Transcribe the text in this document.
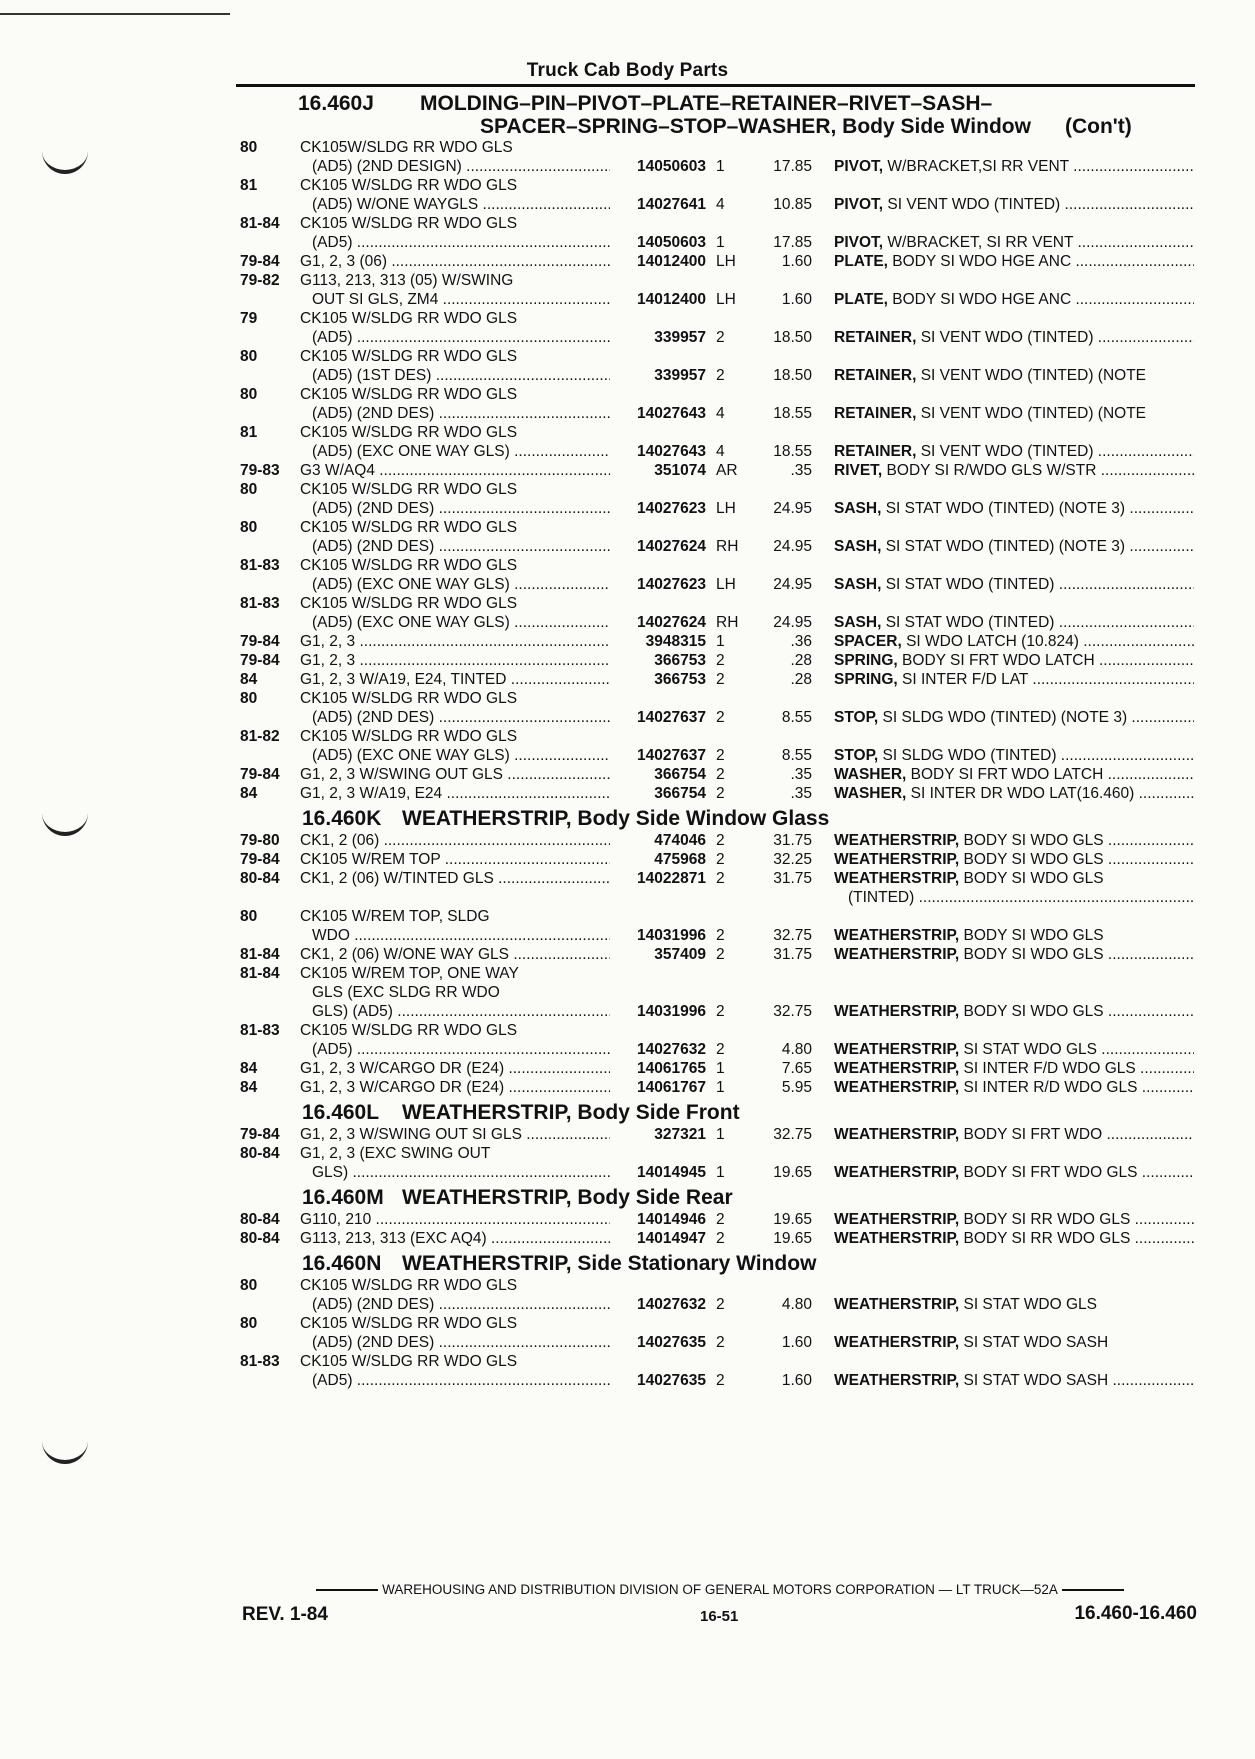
Truck Cab Body Parts
16.460J MOLDING–PIN–PIVOT–PLATE–RETAINER–RIVET–SASH–
SPACER–SPRING–STOP–WASHER, Body Side Window (Con't)
80	CK105W/SLDG RR WDO GLS
(AD5) (2ND DESIGN) .....	14050603 1	17.85	PIVOT, W/BRACKET,SI RR VENT .....
81	CK105 W/SLDG RR WDO GLS
(AD5) W/ONE WAYGLS .....	14027641 4	10.85	PIVOT, SI VENT WDO (TINTED) .....
81-84	CK105 W/SLDG RR WDO GLS
(AD5) .....	14050603 1	17.85	PIVOT, W/BRACKET, SI RR VENT .....
79-84	G1, 2, 3 (06) .....	14012400 LH	1.60	PLATE, BODY SI WDO HGE ANC .....
79-82	G113, 213, 313 (05) W/SWING
OUT SI GLS, ZM4 .....	14012400 LH	1.60	PLATE, BODY SI WDO HGE ANC .....
79	CK105 W/SLDG RR WDO GLS
(AD5) .....	339957 2	18.50	RETAINER, SI VENT WDO (TINTED) .....
80	CK105 W/SLDG RR WDO GLS
(AD5) (1ST DES) .....	339957 2	18.50	RETAINER, SI VENT WDO (TINTED) (NOTE
80	CK105 W/SLDG RR WDO GLS
(AD5) (2ND DES) .....	14027643 4	18.55	RETAINER, SI VENT WDO (TINTED) (NOTE
81	CK105 W/SLDG RR WDO GLS
(AD5) (EXC ONE WAY GLS) .....	14027643 4	18.55	RETAINER, SI VENT WDO (TINTED) .....
79-83	G3 W/AQ4 .....	351074 AR	.35	RIVET, BODY SI R/WDO GLS W/STR .....
80	CK105 W/SLDG RR WDO GLS
(AD5) (2ND DES) .....	14027623 LH	24.95	SASH, SI STAT WDO (TINTED) (NOTE 3) .....
80	CK105 W/SLDG RR WDO GLS
(AD5) (2ND DES) .....	14027624 RH	24.95	SASH, SI STAT WDO (TINTED) (NOTE 3) .....
81-83	CK105 W/SLDG RR WDO GLS
(AD5) (EXC ONE WAY GLS) .....	14027623 LH	24.95	SASH, SI STAT WDO (TINTED) .....
81-83	CK105 W/SLDG RR WDO GLS
(AD5) (EXC ONE WAY GLS) .....	14027624 RH	24.95	SASH, SI STAT WDO (TINTED) .....
79-84	G1, 2, 3 .....	3948315 1	.36	SPACER, SI WDO LATCH (10.824) .....
79-84	G1, 2, 3 .....	366753 2	.28	SPRING, BODY SI FRT WDO LATCH .....
84	G1, 2, 3 W/A19, E24, TINTED .....	366753 2	.28	SPRING, SI INTER F/D LAT .....
80	CK105 W/SLDG RR WDO GLS
(AD5) (2ND DES) .....	14027637 2	8.55	STOP, SI SLDG WDO (TINTED) (NOTE 3) .....
81-82	CK105 W/SLDG RR WDO GLS
(AD5) (EXC ONE WAY GLS) .....	14027637 2	8.55	STOP, SI SLDG WDO (TINTED) .....
79-84	G1, 2, 3 W/SWING OUT GLS .....	366754 2	.35	WASHER, BODY SI FRT WDO LATCH .....
84	G1, 2, 3 W/A19, E24 .....	366754 2	.35	WASHER, SI INTER DR WDO LAT(16.460) .....
16.460K WEATHERSTRIP, Body Side Window Glass
79-80	CK1, 2 (06) .....	474046 2	31.75	WEATHERSTRIP, BODY SI WDO GLS .....
79-84	CK105 W/REM TOP .....	475968 2	32.25	WEATHERSTRIP, BODY SI WDO GLS .....
80-84	CK1, 2 (06) W/TINTED GLS .....	14022871 2	31.75	WEATHERSTRIP, BODY SI WDO GLS
(TINTED) .....
80	CK105 W/REM TOP, SLDG
WDO .....	14031996 2	32.75	WEATHERSTRIP, BODY SI WDO GLS
81-84	CK1, 2 (06) W/ONE WAY GLS .....	357409 2	31.75	WEATHERSTRIP, BODY SI WDO GLS .....
81-84	CK105 W/REM TOP, ONE WAY
GLS (EXC SLDG RR WDO
GLS) (AD5) .....	14031996 2	32.75	WEATHERSTRIP, BODY SI WDO GLS .....
81-83	CK105 W/SLDG RR WDO GLS
(AD5) .....	14027632 2	4.80	WEATHERSTRIP, SI STAT WDO GLS .....
84	G1, 2, 3 W/CARGO DR (E24) .....	14061765 1	7.65	WEATHERSTRIP, SI INTER F/D WDO GLS .....
84	G1, 2, 3 W/CARGO DR (E24) .....	14061767 1	5.95	WEATHERSTRIP, SI INTER R/D WDO GLS .....
16.460L WEATHERSTRIP, Body Side Front
79-84	G1, 2, 3 W/SWING OUT SI GLS .....	327321 1	32.75	WEATHERSTRIP, BODY SI FRT WDO .....
80-84	G1, 2, 3 (EXC SWING OUT
GLS) .....	14014945 1	19.65	WEATHERSTRIP, BODY SI FRT WDO GLS .....
16.460M WEATHERSTRIP, Body Side Rear
80-84	G110, 210 .....	14014946 2	19.65	WEATHERSTRIP, BODY SI RR WDO GLS .....
80-84	G113, 213, 313 (EXC AQ4) .....	14014947 2	19.65	WEATHERSTRIP, BODY SI RR WDO GLS .....
16.460N WEATHERSTRIP, Side Stationary Window
80	CK105 W/SLDG RR WDO GLS
(AD5) (2ND DES) .....	14027632 2	4.80	WEATHERSTRIP, SI STAT WDO GLS
80	CK105 W/SLDG RR WDO GLS
(AD5) (2ND DES) .....	14027635 2	1.60	WEATHERSTRIP, SI STAT WDO SASH
81-83	CK105 W/SLDG RR WDO GLS
(AD5) .....	14027635 2	1.60	WEATHERSTRIP, SI STAT WDO SASH .....
WAREHOUSING AND DISTRIBUTION DIVISION OF GENERAL MOTORS CORPORATION — LT TRUCK—52A
REV. 1-84	16-51	16.460-16.460
